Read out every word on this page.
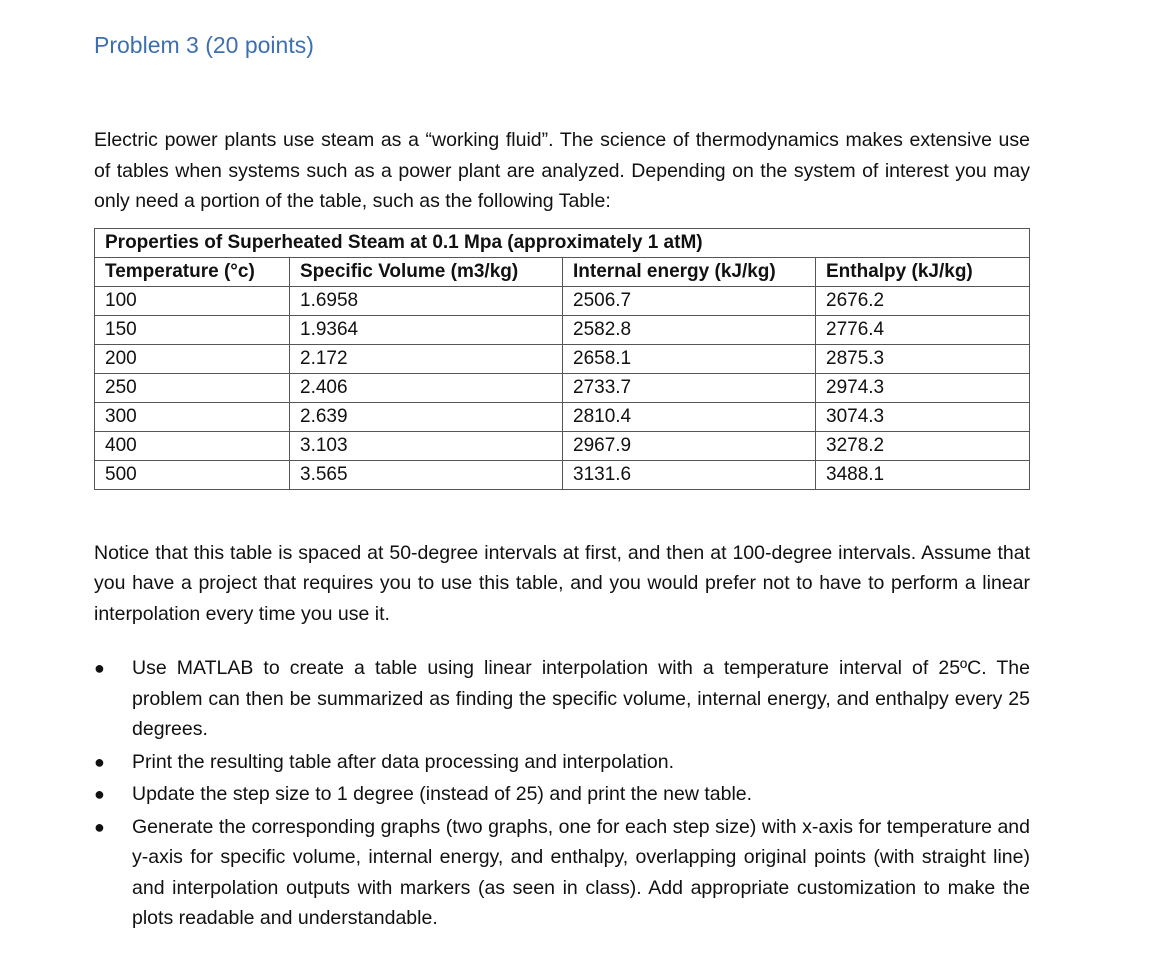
Problem 3 (20 points)

Electric power plants use steam as a “working fluid”. The science of thermodynamics makes extensive use of tables when systems such as a power plant are analyzed. Depending on the system of interest you may only need a portion of the table, such as the following Table:

Properties of Superheated Steam at 0.1 Mpa (approximately 1 atM)			
Temperature (°c)	Specific Volume (m3/kg)	Internal energy (kJ/kg)	Enthalpy (kJ/kg)
100	1.6958	2506.7	2676.2
150	1.9364	2582.8	2776.4
200	2.172	2658.1	2875.3
250	2.406	2733.7	2974.3
300	2.639	2810.4	3074.3
400	3.103	2967.9	3278.2
500	3.565	3131.6	3488.1

Notice that this table is spaced at 50-degree intervals at first, and then at 100-degree intervals. Assume that you have a project that requires you to use this table, and you would prefer not to have to perform a linear interpolation every time you use it.

● Use MATLAB to create a table using linear interpolation with a temperature interval of 25ºC. The problem can then be summarized as finding the specific volume, internal energy, and enthalpy every 25 degrees.
● Print the resulting table after data processing and interpolation.
● Update the step size to 1 degree (instead of 25) and print the new table.
● Generate the corresponding graphs (two graphs, one for each step size) with x-axis for temperature and y-axis for specific volume, internal energy, and enthalpy, overlapping original points (with straight line) and interpolation outputs with markers (as seen in class). Add appropriate customization to make the plots readable and understandable.
